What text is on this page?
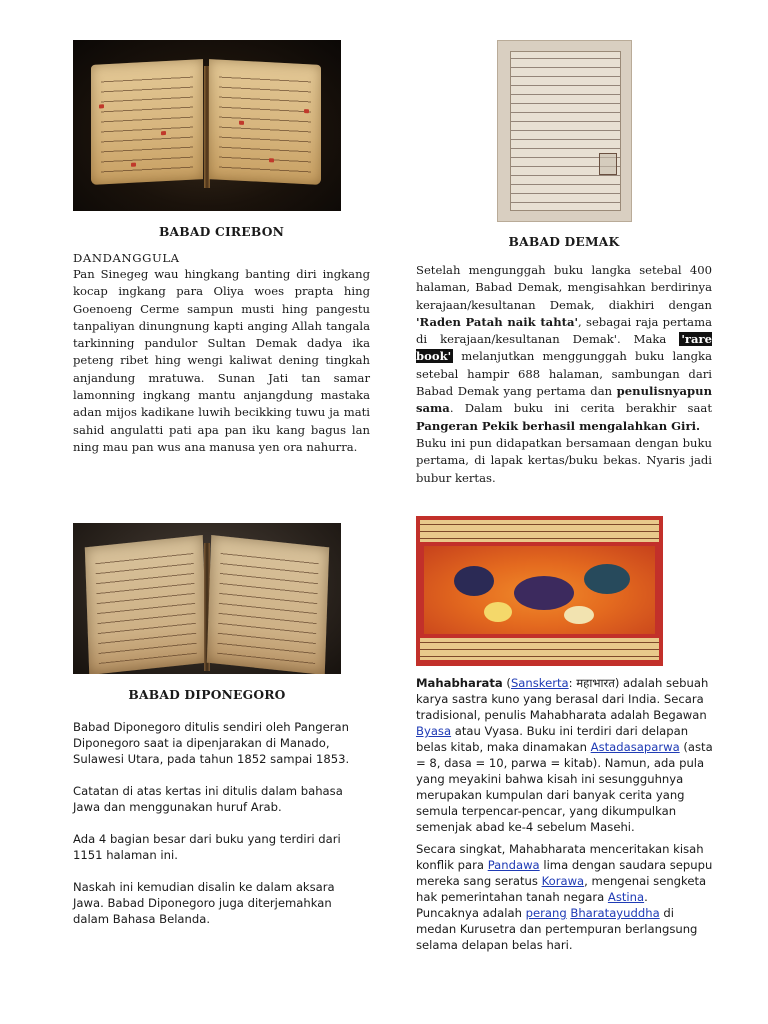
BABAD CIREBON

DANDANGGULA

Pan Sinegeg wau hingkang banting diri ingkang kocap ingkang para Oliya woes prapta hing Goenoeng Cerme sampun musti hing pangestu tanpaliyan dinungnung kapti anging Allah tangala tarkinning pandulor Sultan Demak dadya ika peteng ribet hing wengi kaliwat dening tingkah anjandung mratuwa. Sunan Jati tan samar lamonning ingkang mantu anjangdung mastaka adan mijos kadikane luwih becikking tuwu ja mati sahid angulatti pati apa pan iku kang bagus lan ning mau pan wus ana manusa yen ora nahurra.

BABAD DEMAK

Setelah mengunggah buku langka setebal 400 halaman, Babad Demak, mengisahkan berdirinya kerajaan/kesultanan Demak, diakhiri dengan 'Raden Patah naik tahta', sebagai raja pertama di kerajaan/kesultanan Demak'. Maka 'rare book' melanjutkan menggunggah buku langka setebal hampir 688 halaman, sambungan dari Babad Demak yang pertama dan penulisnyapun sama. Dalam buku ini cerita berakhir saat Pangeran Pekik berhasil mengalahkan Giri.

Buku ini pun didapatkan bersamaan dengan buku pertama, di lapak kertas/buku bekas. Nyaris jadi bubur kertas.

BABAD DIPONEGORO

Babad Diponegoro ditulis sendiri oleh Pangeran Diponegoro saat ia dipenjarakan di Manado, Sulawesi Utara, pada tahun 1852 sampai 1853.

Catatan di atas kertas ini ditulis dalam bahasa Jawa dan menggunakan huruf Arab.

Ada 4 bagian besar dari buku yang terdiri dari 1151 halaman ini.

Naskah ini kemudian disalin ke dalam aksara Jawa. Babad Diponegoro juga diterjemahkan dalam Bahasa Belanda.

Mahabharata (Sanskerta: महाभारत) adalah sebuah karya sastra kuno yang berasal dari India. Secara tradisional, penulis Mahabharata adalah Begawan Byasa atau Vyasa. Buku ini terdiri dari delapan belas kitab, maka dinamakan Astadasaparwa (asta = 8, dasa = 10, parwa = kitab). Namun, ada pula yang meyakini bahwa kisah ini sesungguhnya merupakan kumpulan dari banyak cerita yang semula terpencar-pencar, yang dikumpulkan semenjak abad ke-4 sebelum Masehi.

Secara singkat, Mahabharata menceritakan kisah konflik para Pandawa lima dengan saudara sepupu mereka sang seratus Korawa, mengenai sengketa hak pemerintahan tanah negara Astina. Puncaknya adalah perang Bharatayuddha di medan Kurusetra dan pertempuran berlangsung selama delapan belas hari.
